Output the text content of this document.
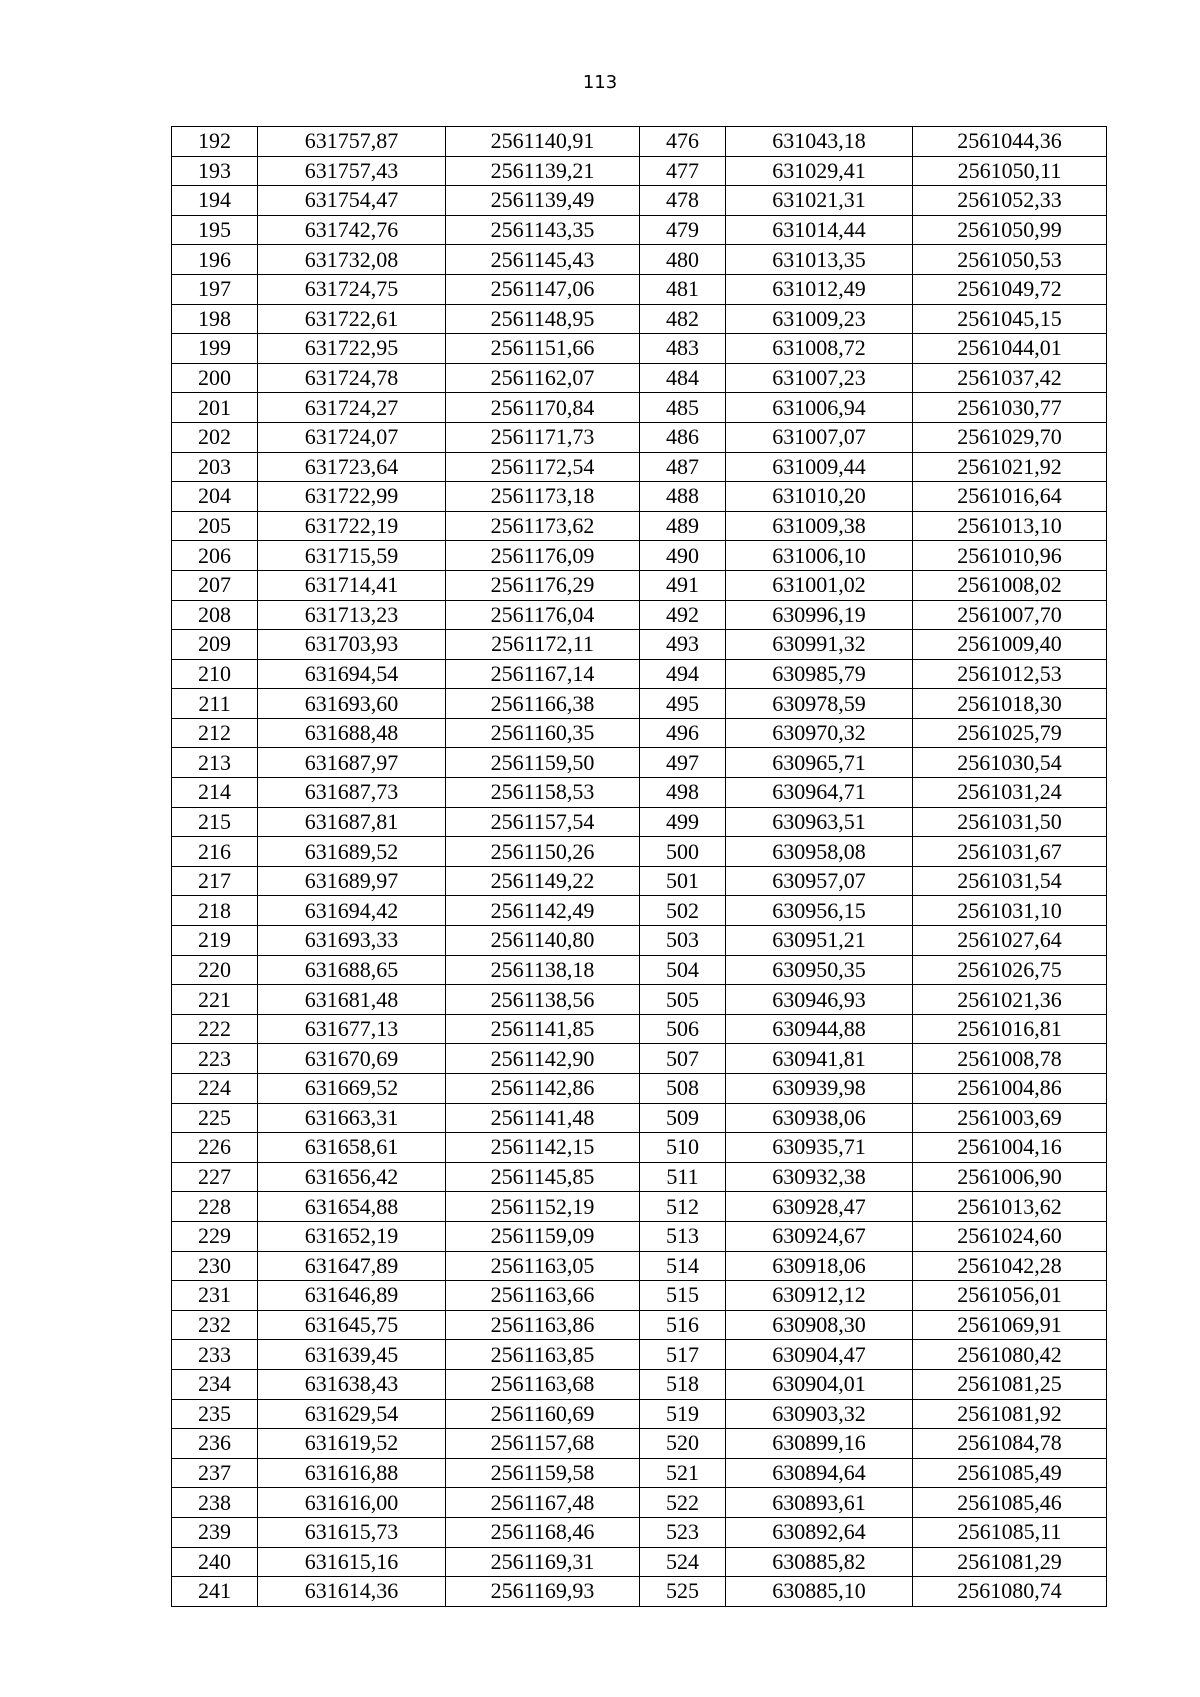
113
192	631757,87	2561140,91	476	631043,18	2561044,36
193	631757,43	2561139,21	477	631029,41	2561050,11
194	631754,47	2561139,49	478	631021,31	2561052,33
195	631742,76	2561143,35	479	631014,44	2561050,99
196	631732,08	2561145,43	480	631013,35	2561050,53
197	631724,75	2561147,06	481	631012,49	2561049,72
198	631722,61	2561148,95	482	631009,23	2561045,15
199	631722,95	2561151,66	483	631008,72	2561044,01
200	631724,78	2561162,07	484	631007,23	2561037,42
201	631724,27	2561170,84	485	631006,94	2561030,77
202	631724,07	2561171,73	486	631007,07	2561029,70
203	631723,64	2561172,54	487	631009,44	2561021,92
204	631722,99	2561173,18	488	631010,20	2561016,64
205	631722,19	2561173,62	489	631009,38	2561013,10
206	631715,59	2561176,09	490	631006,10	2561010,96
207	631714,41	2561176,29	491	631001,02	2561008,02
208	631713,23	2561176,04	492	630996,19	2561007,70
209	631703,93	2561172,11	493	630991,32	2561009,40
210	631694,54	2561167,14	494	630985,79	2561012,53
211	631693,60	2561166,38	495	630978,59	2561018,30
212	631688,48	2561160,35	496	630970,32	2561025,79
213	631687,97	2561159,50	497	630965,71	2561030,54
214	631687,73	2561158,53	498	630964,71	2561031,24
215	631687,81	2561157,54	499	630963,51	2561031,50
216	631689,52	2561150,26	500	630958,08	2561031,67
217	631689,97	2561149,22	501	630957,07	2561031,54
218	631694,42	2561142,49	502	630956,15	2561031,10
219	631693,33	2561140,80	503	630951,21	2561027,64
220	631688,65	2561138,18	504	630950,35	2561026,75
221	631681,48	2561138,56	505	630946,93	2561021,36
222	631677,13	2561141,85	506	630944,88	2561016,81
223	631670,69	2561142,90	507	630941,81	2561008,78
224	631669,52	2561142,86	508	630939,98	2561004,86
225	631663,31	2561141,48	509	630938,06	2561003,69
226	631658,61	2561142,15	510	630935,71	2561004,16
227	631656,42	2561145,85	511	630932,38	2561006,90
228	631654,88	2561152,19	512	630928,47	2561013,62
229	631652,19	2561159,09	513	630924,67	2561024,60
230	631647,89	2561163,05	514	630918,06	2561042,28
231	631646,89	2561163,66	515	630912,12	2561056,01
232	631645,75	2561163,86	516	630908,30	2561069,91
233	631639,45	2561163,85	517	630904,47	2561080,42
234	631638,43	2561163,68	518	630904,01	2561081,25
235	631629,54	2561160,69	519	630903,32	2561081,92
236	631619,52	2561157,68	520	630899,16	2561084,78
237	631616,88	2561159,58	521	630894,64	2561085,49
238	631616,00	2561167,48	522	630893,61	2561085,46
239	631615,73	2561168,46	523	630892,64	2561085,11
240	631615,16	2561169,31	524	630885,82	2561081,29
241	631614,36	2561169,93	525	630885,10	2561080,74
